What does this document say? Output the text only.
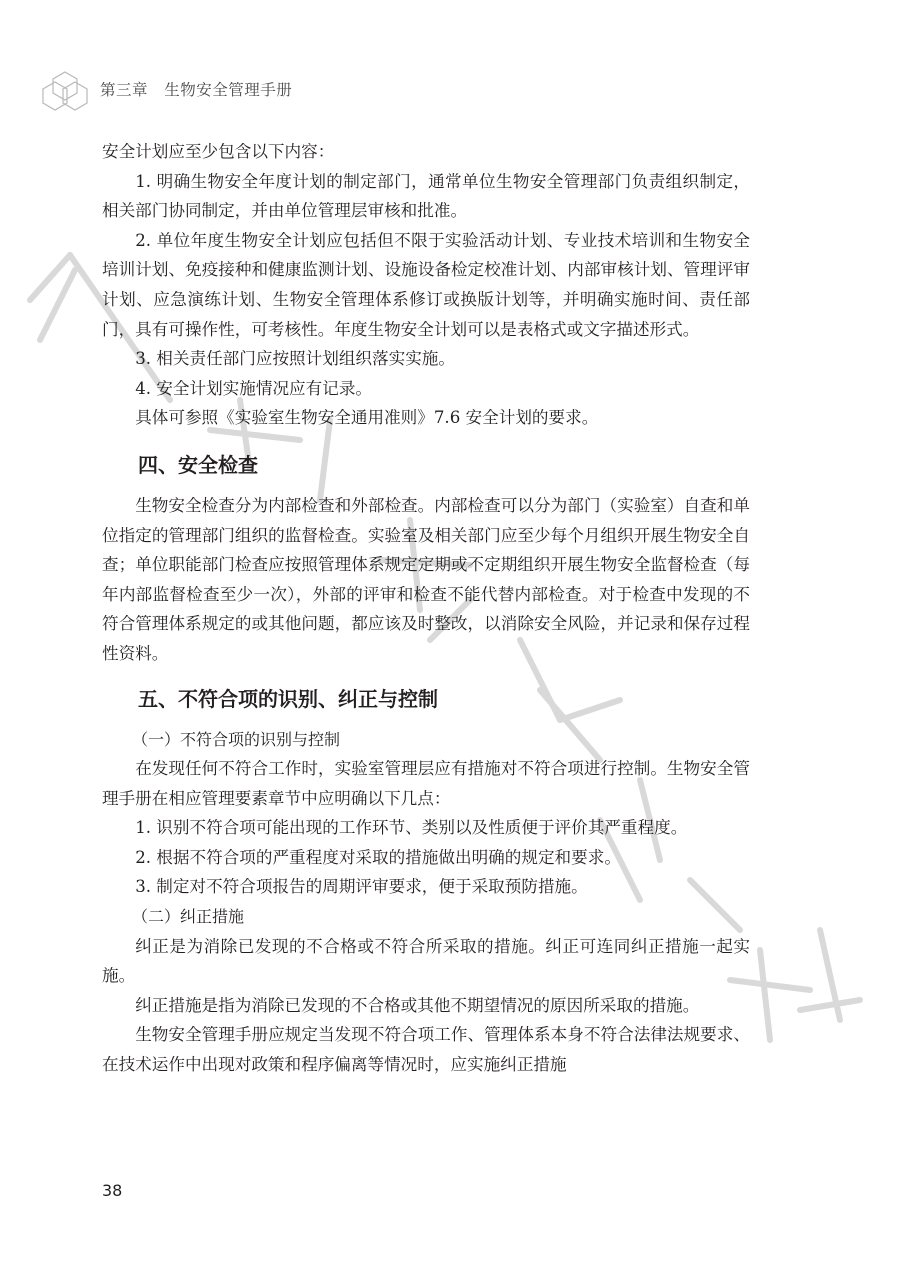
第三章   生物安全管理手册

安全计划应至少包含以下内容：

1. 明确生物安全年度计划的制定部门，通常单位生物安全管理部门负责组织制定，相关部门协同制定，并由单位管理层审核和批准。

2. 单位年度生物安全计划应包括但不限于实验活动计划、专业技术培训和生物安全培训计划、免疫接种和健康监测计划、设施设备检定校准计划、内部审核计划、管理评审计划、应急演练计划、生物安全管理体系修订或换版计划等，并明确实施时间、责任部门，具有可操作性，可考核性。年度生物安全计划可以是表格式或文字描述形式。

3. 相关责任部门应按照计划组织落实实施。

4. 安全计划实施情况应有记录。

具体可参照《实验室生物安全通用准则》7.6 安全计划的要求。

四、安全检查

生物安全检查分为内部检查和外部检查。内部检查可以分为部门（实验室）自查和单位指定的管理部门组织的监督检查。实验室及相关部门应至少每个月组织开展生物安全自查；单位职能部门检查应按照管理体系规定定期或不定期组织开展生物安全监督检查（每年内部监督检查至少一次），外部的评审和检查不能代替内部检查。对于检查中发现的不符合管理体系规定的或其他问题，都应该及时整改，以消除安全风险，并记录和保存过程性资料。

五、不符合项的识别、纠正与控制

（一）不符合项的识别与控制

在发现任何不符合工作时，实验室管理层应有措施对不符合项进行控制。生物安全管理手册在相应管理要素章节中应明确以下几点：

1. 识别不符合项可能出现的工作环节、类别以及性质便于评价其严重程度。

2. 根据不符合项的严重程度对采取的措施做出明确的规定和要求。

3. 制定对不符合项报告的周期评审要求，便于采取预防措施。

（二）纠正措施

纠正是为消除已发现的不合格或不符合所采取的措施。纠正可连同纠正措施一起实施。

纠正措施是指为消除已发现的不合格或其他不期望情况的原因所采取的措施。

生物安全管理手册应规定当发现不符合项工作、管理体系本身不符合法律法规要求、在技术运作中出现对政策和程序偏离等情况时，应实施纠正措施

38
